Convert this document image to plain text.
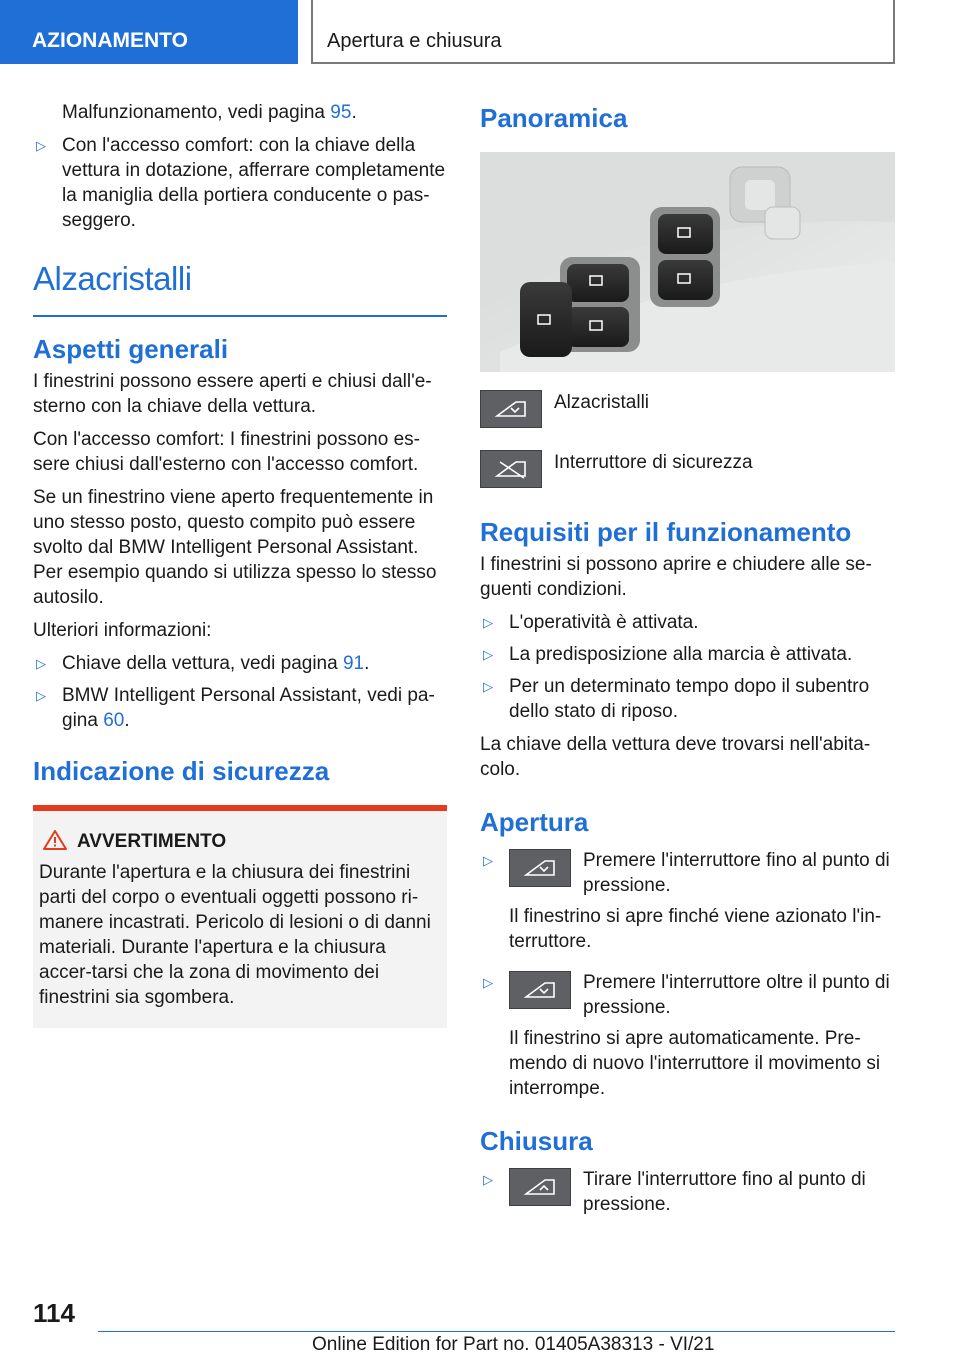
AZIONAMENTO	Apertura e chiusura

Malfunzionamento, vedi pagina 95.

▷ Con l'accesso comfort: con la chiave della vettura in dotazione, afferrare completamente la maniglia della portiera conducente o pas-seggero.
Alzacristalli
Aspetti generali

I finestrini possono essere aperti e chiusi dall'e-sterno con la chiave della vettura.

Con l'accesso comfort: I finestrini possono es-sere chiusi dall'esterno con l'accesso comfort.

Se un finestrino viene aperto frequentemente in uno stesso posto, questo compito può essere svolto dal BMW Intelligent Personal Assistant. Per esempio quando si utilizza spesso lo stesso autosilo.

Ulteriori informazioni:

▷ Chiave della vettura, vedi pagina 91.
▷ BMW Intelligent Personal Assistant, vedi pa-gina 60.
Indicazione di sicurezza
AVVERTIMENTO

Durante l'apertura e la chiusura dei finestrini parti del corpo o eventuali oggetti possono ri-manere incastrati. Pericolo di lesioni o di danni materiali. Durante l'apertura e la chiusura accer-tarsi che la zona di movimento dei finestrini sia sgombera.

Panoramica
Alzacristalli
Interruttore di sicurezza
Requisiti per il funzionamento

I finestrini si possono aprire e chiudere alle se-guenti condizioni.

▷ L'operatività è attivata.
▷ La predisposizione alla marcia è attivata.
▷ Per un determinato tempo dopo il subentro dello stato di riposo.

La chiave della vettura deve trovarsi nell'abita-colo.

Apertura
▷	Premere l'interruttore fino al punto di pressione.

Il finestrino si apre finché viene azionato l'in-terruttore.

▷	Premere l'interruttore oltre il punto di pressione.

Il finestrino si apre automaticamente. Pre-mendo di nuovo l'interruttore il movimento si interrompe.

Chiusura
▷	Tirare l'interruttore fino al punto di pressione.
114
Online Edition for Part no. 01405A38313 - VI/21
